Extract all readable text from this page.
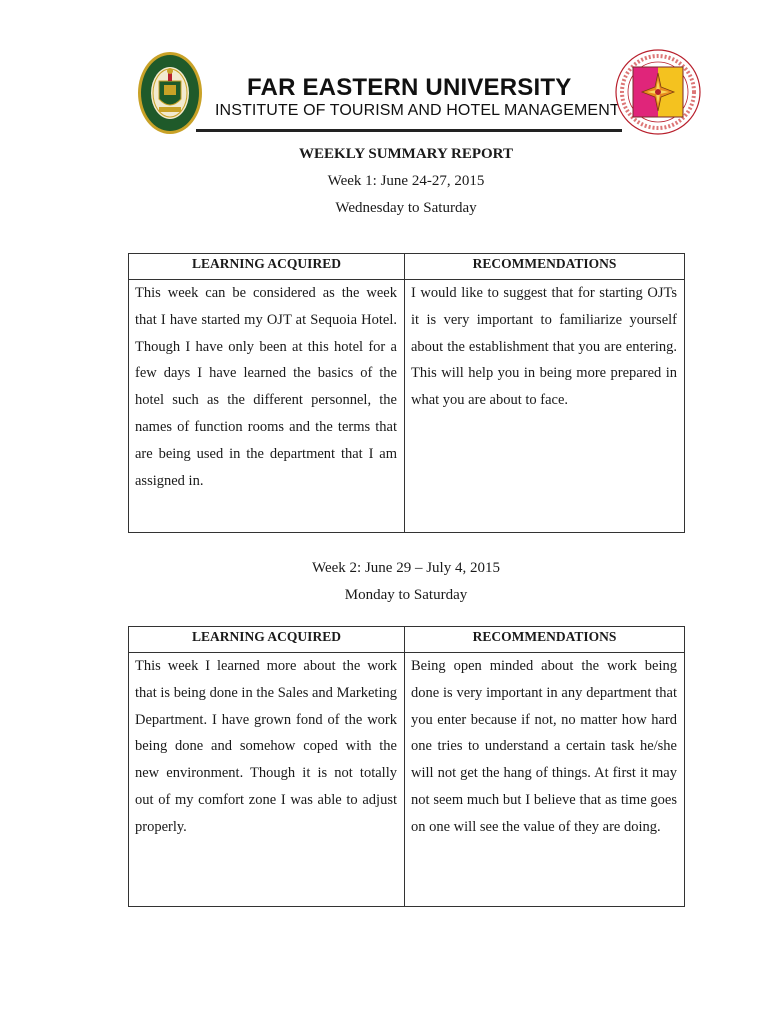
FAR EASTERN UNIVERSITY
INSTITUTE OF TOURISM AND HOTEL MANAGEMENT
WEEKLY SUMMARY REPORT
Week 1: June 24-27, 2015
Wednesday to Saturday
LEARNING ACQUIRED	RECOMMENDATIONS
This week can be considered as the week that I have started my OJT at Sequoia Hotel. Though I have only been at this hotel for a few days I have learned the basics of the hotel such as the different personnel, the names of function rooms and the terms that are being used in the department that I am assigned in.
I would like to suggest that for starting OJTs it is very important to familiarize yourself about the establishment that you are entering. This will help you in being more prepared in what you are about to face.
Week 2: June 29 – July 4, 2015
Monday to Saturday
LEARNING ACQUIRED	RECOMMENDATIONS
This week I learned more about the work that is being done in the Sales and Marketing Department. I have grown fond of the work being done and somehow coped with the new environment. Though it is not totally out of my comfort zone I was able to adjust properly.
Being open minded about the work being done is very important in any department that you enter because if not, no matter how hard one tries to understand a certain task he/she will not get the hang of things. At first it may not seem much but I believe that as time goes on one will see the value of they are doing.
